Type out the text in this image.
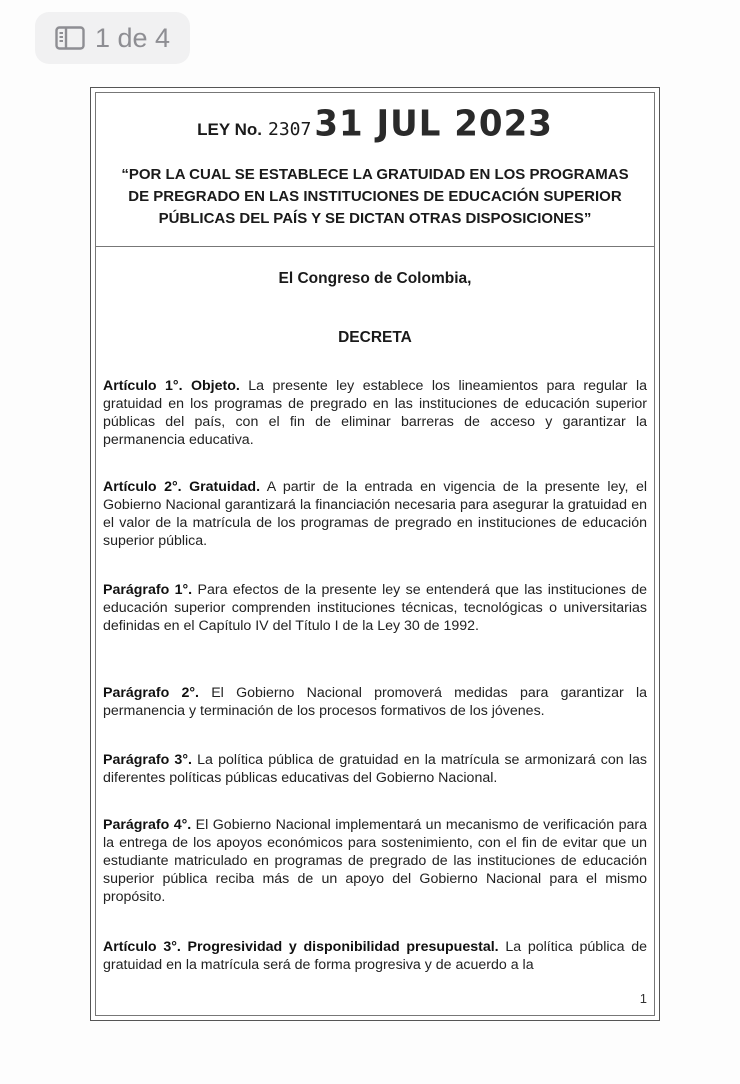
1 de 4
LEY No. 2307 31 JUL 2023
“POR LA CUAL SE ESTABLECE LA GRATUIDAD EN LOS PROGRAMAS DE PREGRADO EN LAS INSTITUCIONES DE EDUCACIÓN SUPERIOR PÚBLICAS DEL PAÍS Y SE DICTAN OTRAS DISPOSICIONES”
El Congreso de Colombia,
DECRETA

Artículo 1°. Objeto. La presente ley establece los lineamientos para regular la gratuidad en los programas de pregrado en las instituciones de educación superior públicas del país, con el fin de eliminar barreras de acceso y garantizar la permanencia educativa.

Artículo 2°. Gratuidad. A partir de la entrada en vigencia de la presente ley, el Gobierno Nacional garantizará la financiación necesaria para asegurar la gratuidad en el valor de la matrícula de los programas de pregrado en instituciones de educación superior pública.

Parágrafo 1°. Para efectos de la presente ley se entenderá que las instituciones de educación superior comprenden instituciones técnicas, tecnológicas o universitarias definidas en el Capítulo IV del Título I de la Ley 30 de 1992.

Parágrafo 2°. El Gobierno Nacional promoverá medidas para garantizar la permanencia y terminación de los procesos formativos de los jóvenes.

Parágrafo 3°. La política pública de gratuidad en la matrícula se armonizará con las diferentes políticas públicas educativas del Gobierno Nacional.

Parágrafo 4°. El Gobierno Nacional implementará un mecanismo de verificación para la entrega de los apoyos económicos para sostenimiento, con el fin de evitar que un estudiante matriculado en programas de pregrado de las instituciones de educación superior pública reciba más de un apoyo del Gobierno Nacional para el mismo propósito.

Artículo 3°. Progresividad y disponibilidad presupuestal. La política pública de gratuidad en la matrícula será de forma progresiva y de acuerdo a la

1
